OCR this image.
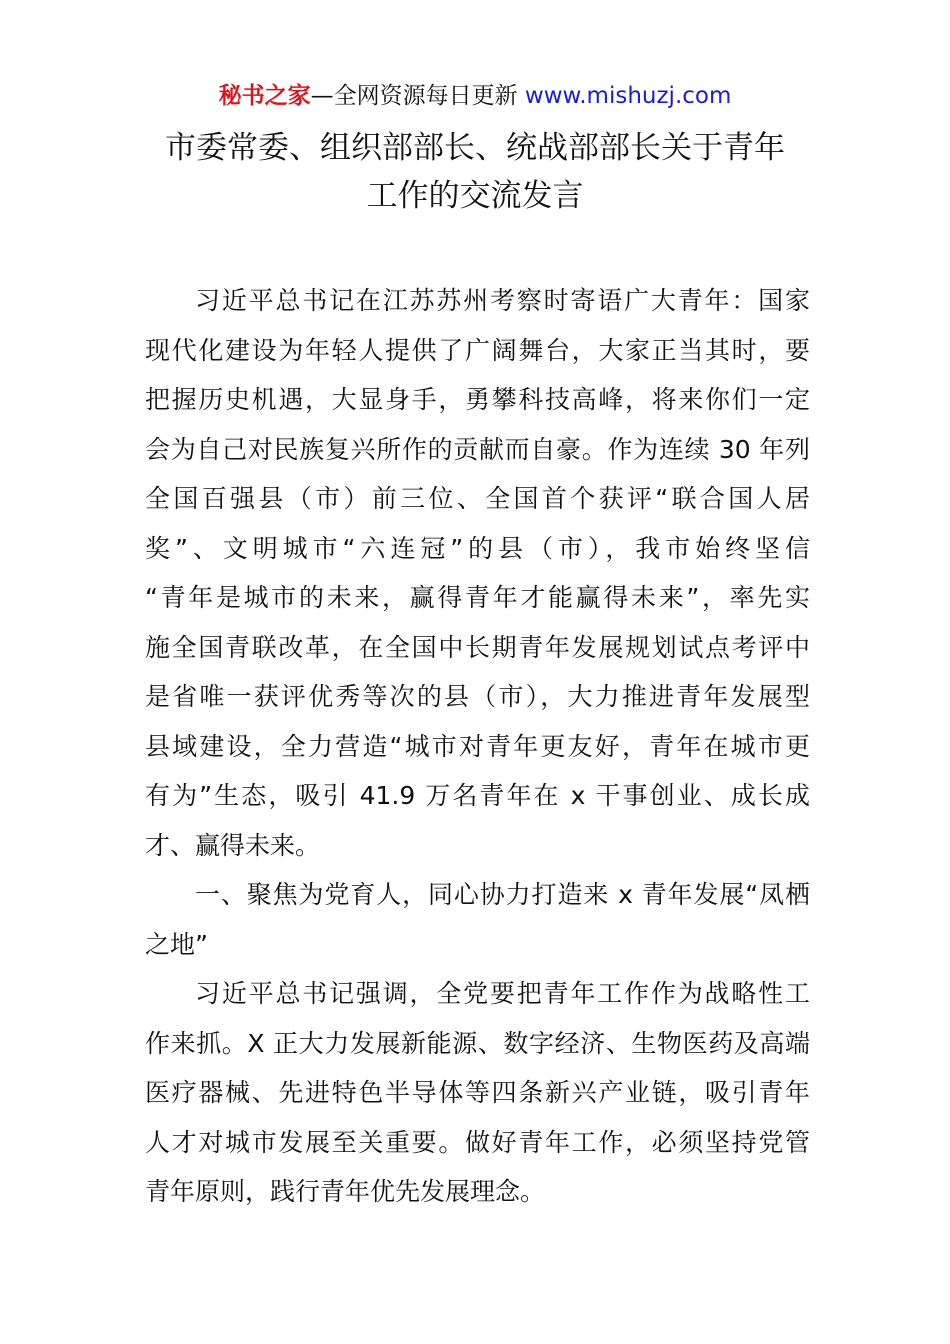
秘书之家—全网资源每日更新 www.mishuzj.com
市委常委、组织部部长、统战部部长关于青年
工作的交流发言
习近平总书记在江苏苏州考察时寄语广大青年：国家
现代化建设为年轻人提供了广阔舞台，大家正当其时，要
把握历史机遇，大显身手，勇攀科技高峰，将来你们一定
会为自己对民族复兴所作的贡献而自豪。作为连续 30 年列
全国百强县（市）前三位、全国首个获评“联合国人居
奖”、文明城市“六连冠”的县（市），我市始终坚信
“青年是城市的未来，赢得青年才能赢得未来”，率先实
施全国青联改革，在全国中长期青年发展规划试点考评中
是省唯一获评优秀等次的县（市），大力推进青年发展型
县域建设，全力营造“城市对青年更友好，青年在城市更
有为”生态，吸引 41.9 万名青年在 x 干事创业、成长成
才、赢得未来。
一、聚焦为党育人，同心协力打造来 x 青年发展“凤栖
之地”
习近平总书记强调，全党要把青年工作作为战略性工
作来抓。X 正大力发展新能源、数字经济、生物医药及高端
医疗器械、先进特色半导体等四条新兴产业链，吸引青年
人才对城市发展至关重要。做好青年工作，必须坚持党管
青年原则，践行青年优先发展理念。
